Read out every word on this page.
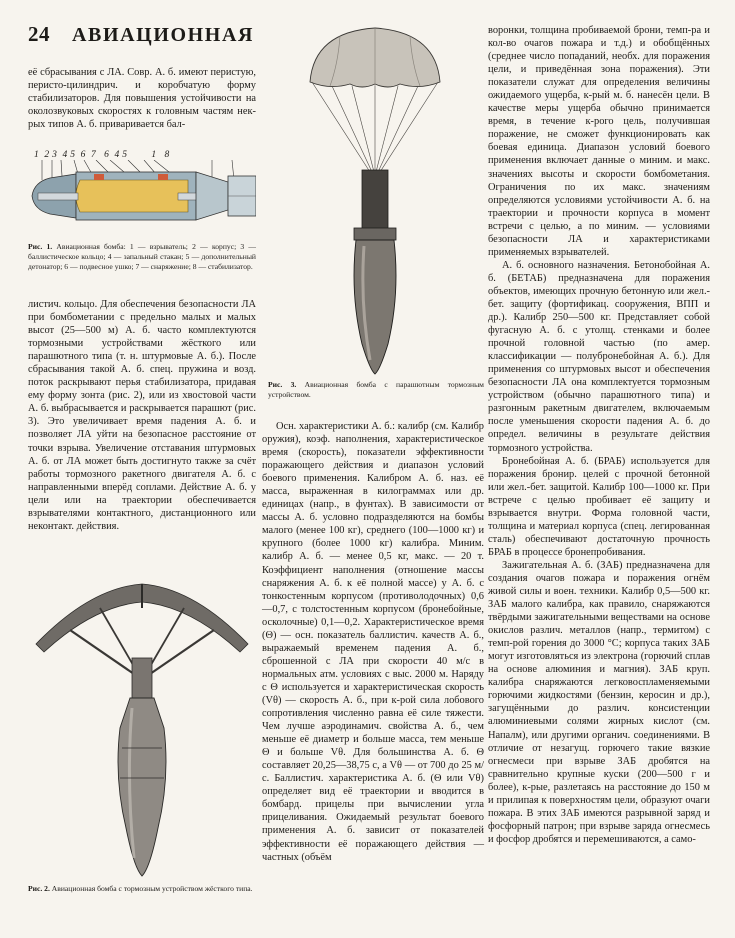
24 АВИАЦИОННАЯ

её сбрасывания с ЛА. Совр. А. б. имеют перистую, перисто-цилиндрич. и коробчатую форму стабилизаторов. Для повышения устойчивости на околозвуковых скоростях к головным частям нек-рых типов А. б. приваривается бал-

1  2 3  4 5  6  7   6  4 5         1   8
Рис. 1. Авиационная бомба: 1 — взрыватель; 2 — корпус; 3 — баллистическое кольцо; 4 — запальный стакан; 5 — дополнительный детонатор; 6 — подвесное ушко; 7 — снаряжение; 8 — стабилизатор.

листич. кольцо. Для обеспечения безопасности ЛА при бомбометании с предельно малых и малых высот (25—500 м) А. б. часто комплектуются тормозными устройствами жёсткого или парашютного типа (т. н. штурмовые А. б.). После сбрасывания такой А. б. спец. пружина и возд. поток раскрывают перья стабилизатора, придавая ему форму зонта (рис. 2), или из хвостовой части А. б. выбрасывается и раскрывается парашют (рис. 3). Это увеличивает время падения А. б. и позволяет ЛА уйти на безопасное расстояние от точки взрыва. Увеличение отставания штурмовых А. б. от ЛА может быть достигнуто также за счёт работы тормозного ракетного двигателя А. б. с направленными вперёд соплами. Действие А. б. у цели или на траектории обеспечивается взрывателями контактного, дистанционного или неконтакт. действия.

Рис. 2. Авиационная бомба с тормозным устройством жёсткого типа.
Рис. 3. Авиационная бомба с парашютным тормозным устройством.

Осн. характеристики А. б.: калибр (см. Калибр оружия), коэф. наполнения, характеристическое время (скорость), показатели эффективности поражающего действия и диапазон условий боевого применения. Калибром А. б. наз. её масса, выраженная в килограммах или др. единицах (напр., в фунтах). В зависимости от массы А. б. условно подразделяются на бомбы малого (менее 100 кг), среднего (100—1000 кг) и крупного (более 1000 кг) калибра. Миним. калибр А. б. — менее 0,5 кг, макс. — 20 т. Коэффициент наполнения (отношение массы снаряжения А. б. к её полной массе) у А. б. с тонкостенным корпусом (противолодочных) 0,6—0,7, с толстостенным корпусом (бронебойные, осколочные) 0,1—0,2. Характеристическое время (Θ) — осн. показатель баллистич. качеств А. б., выражаемый временем падения А. б., сброшенной с ЛА при скорости 40 м/с в нормальных атм. условиях с выс. 2000 м. Наряду с Θ используется и характеристическая скорость (Vθ) — скорость А. б., при к-рой сила лобового сопротивления численно равна её силе тяжести. Чем лучше аэродинамич. свойства А. б., чем меньше её диаметр и больше масса, тем меньше Θ и больше Vθ. Для большинства А. б. Θ составляет 20,25—38,75 с, а Vθ — от 700 до 25 м/с. Баллистич. характеристика А. б. (Θ или Vθ) определяет вид её траектории и вводится в бомбард. прицелы при вычислении угла прицеливания. Ожидаемый результат боевого применения А. б. зависит от показателей эффективности её поражающего действия — частных (объём

воронки, толщина пробиваемой брони, темп-ра и кол-во очагов пожара и т.д.) и обобщённых (среднее число попаданий, необх. для поражения цели, и приведённая зона поражения). Эти показатели служат для определения величины ожидаемого ущерба, к-рый м. б. нанесён цели. В качестве меры ущерба обычно принимается время, в течение к-рого цель, получившая поражение, не сможет функционировать как боевая единица. Диапазон условий боевого применения включает данные о миним. и макс. значениях высоты и скорости бомбометания. Ограничения по их макс. значениям определяются условиями устойчивости А. б. на траектории и прочности корпуса в момент встречи с целью, а по миним. — условиями безопасности ЛА и характеристиками применяемых взрывателей.

А. б. основного назначения. Бетонобойная А. б. (БЕТАБ) предназначена для поражения объектов, имеющих прочную бетонную или жел.-бет. защиту (фортификац. сооружения, ВПП и др.). Калибр 250—500 кг. Представляет собой фугасную А. б. с утолщ. стенками и более прочной головной частью (по амер. классификации — полубронебойная А. б.). Для применения со штурмовых высот и обеспечения безопасности ЛА она комплектуется тормозным устройством (обычно парашютного типа) и разгонным ракетным двигателем, включаемым после уменьшения скорости падения А. б. до определ. величины в результате действия тормозного устройства.

Бронебойная А. б. (БРАБ) используется для поражения бронир. целей с прочной бетонной или жел.-бет. защитой. Калибр 100—1000 кг. При встрече с целью пробивает её защиту и взрывается внутри. Форма головной части, толщина и материал корпуса (спец. легированная сталь) обеспечивают достаточную прочность БРАБ в процессе бронепробивания.

Зажигательная А. б. (ЗАБ) предназначена для создания очагов пожара и поражения огнём живой силы и воен. техники. Калибр 0,5—500 кг. ЗАБ малого калибра, как правило, снаряжаются твёрдыми зажигательными веществами на основе окислов различ. металлов (напр., термитом) с темп-рой горения до 3000 °С; корпуса таких ЗАБ могут изготовляться из электрона (горючий сплав на основе алюминия и магния). ЗАБ круп. калибра снаряжаются легковоспламеняемыми горючими жидкостями (бензин, керосин и др.), загущёнными до различ. консистенции алюминиевыми солями жирных кислот (см. Напалм), или другими органич. соединениями. В отличие от незагущ. горючего такие вязкие огнесмеси при взрыве ЗАБ дробятся на сравнительно крупные куски (200—500 г и более), к-рые, разлетаясь на расстояние до 150 м и прилипая к поверхностям цели, образуют очаги пожара. В этих ЗАБ имеются разрывной заряд и фосфорный патрон; при взрыве заряда огнесмесь и фосфор дробятся и перемешиваются, а само-
